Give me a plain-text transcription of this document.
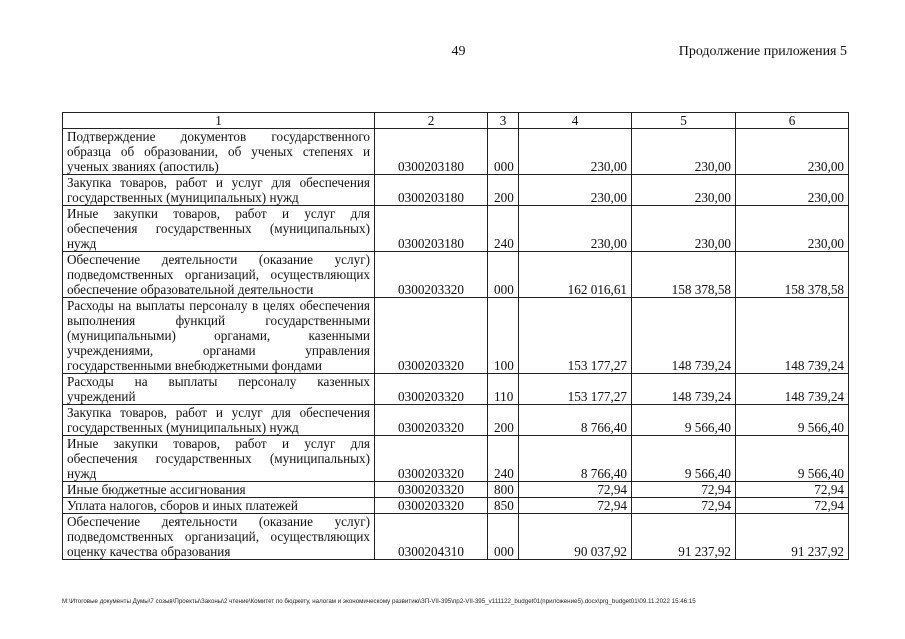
49	Продолжение приложения 5
1	2	3	4	5	6
Подтверждение документов государственного образца об образовании, об ученых степенях и ученых званиях (апостиль)	0300203180	000	230,00	230,00	230,00
Закупка товаров, работ и услуг для обеспечения государственных (муниципальных) нужд	0300203180	200	230,00	230,00	230,00
Иные закупки товаров, работ и услуг для обеспечения государственных (муниципальных) нужд	0300203180	240	230,00	230,00	230,00
Обеспечение деятельности (оказание услуг) подведомственных организаций, осуществляющих обеспечение образовательной деятельности	0300203320	000	162 016,61	158 378,58	158 378,58
Расходы на выплаты персоналу в целях обеспечения выполнения функций государственными (муниципальными) органами, казенными учреждениями, органами управления государственными внебюджетными фондами	0300203320	100	153 177,27	148 739,24	148 739,24
Расходы на выплаты персоналу казенных учреждений	0300203320	110	153 177,27	148 739,24	148 739,24
Закупка товаров, работ и услуг для обеспечения государственных (муниципальных) нужд	0300203320	200	8 766,40	9 566,40	9 566,40
Иные закупки товаров, работ и услуг для обеспечения государственных (муниципальных) нужд	0300203320	240	8 766,40	9 566,40	9 566,40
Иные бюджетные ассигнования	0300203320	800	72,94	72,94	72,94
Уплата налогов, сборов и иных платежей	0300203320	850	72,94	72,94	72,94
Обеспечение деятельности (оказание услуг) подведомственных организаций, осуществляющих оценку качества образования	0300204310	000	90 037,92	91 237,92	91 237,92
M:\Итоговые документы Думы\7 созыв\Проекты\Законы\2 чтение\Комитет по бюджету, налогам и экономическому развитию\ЗП-VII-395\пр2-VII-395_v111122_budget01(приложение5).docx\prg_budget01\09.11.2022 15:46:15
